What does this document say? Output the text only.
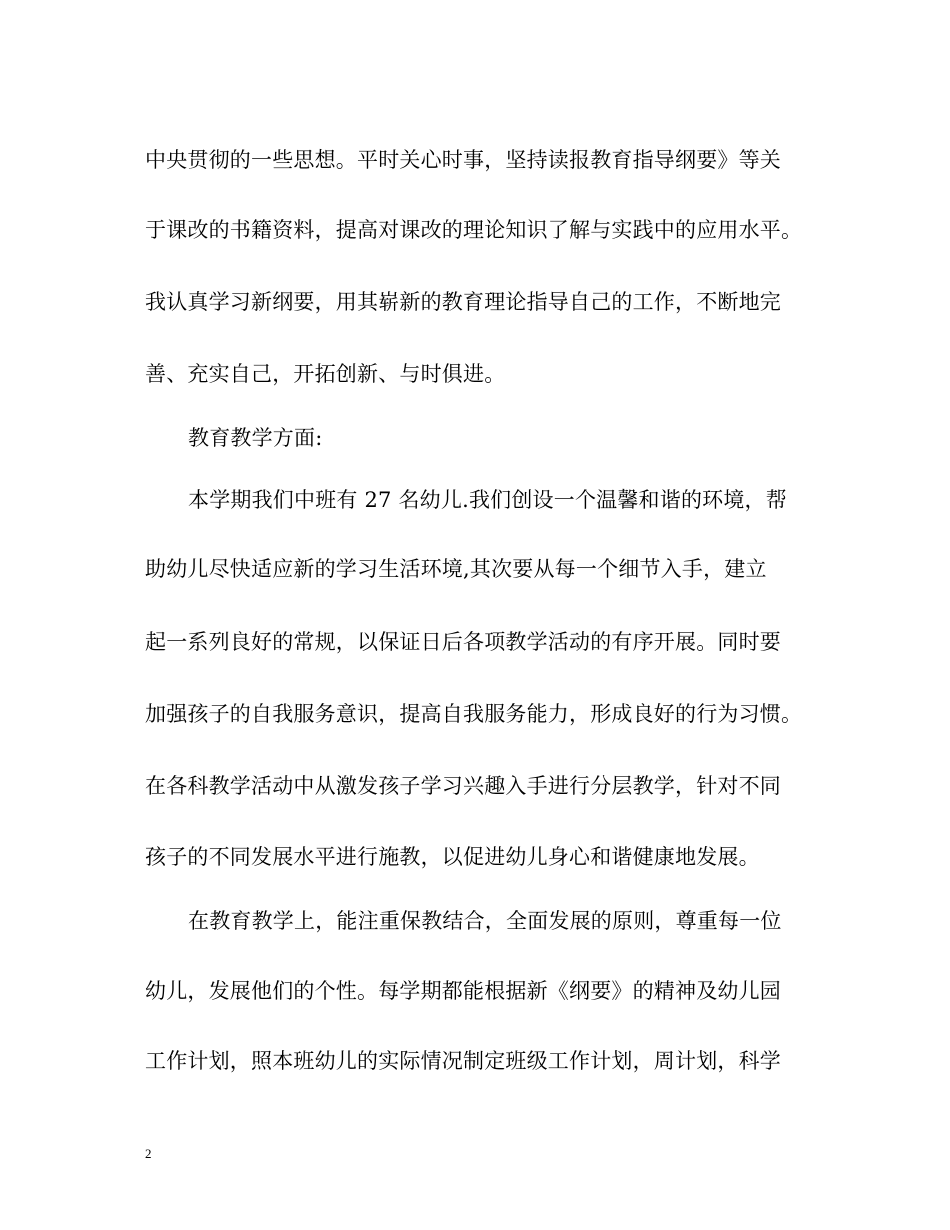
中央贯彻的一些思想。平时关心时事，坚持读报教育指导纲要》等关
于课改的书籍资料，提高对课改的理论知识了解与实践中的应用水平。
我认真学习新纲要，用其崭新的教育理论指导自己的工作，不断地完
善、充实自己，开拓创新、与时俱进。
教育教学方面:
本学期我们中班有 27 名幼儿.我们创设一个温馨和谐的环境，帮
助幼儿尽快适应新的学习生活环境,其次要从每一个细节入手，建立
起一系列良好的常规，以保证日后各项教学活动的有序开展。同时要
加强孩子的自我服务意识，提高自我服务能力，形成良好的行为习惯。
在各科教学活动中从激发孩子学习兴趣入手进行分层教学，针对不同
孩子的不同发展水平进行施教，以促进幼儿身心和谐健康地发展。
在教育教学上，能注重保教结合，全面发展的原则，尊重每一位
幼儿，发展他们的个性。每学期都能根据新《纲要》的精神及幼儿园
工作计划，照本班幼儿的实际情况制定班级工作计划，周计划，科学
2
